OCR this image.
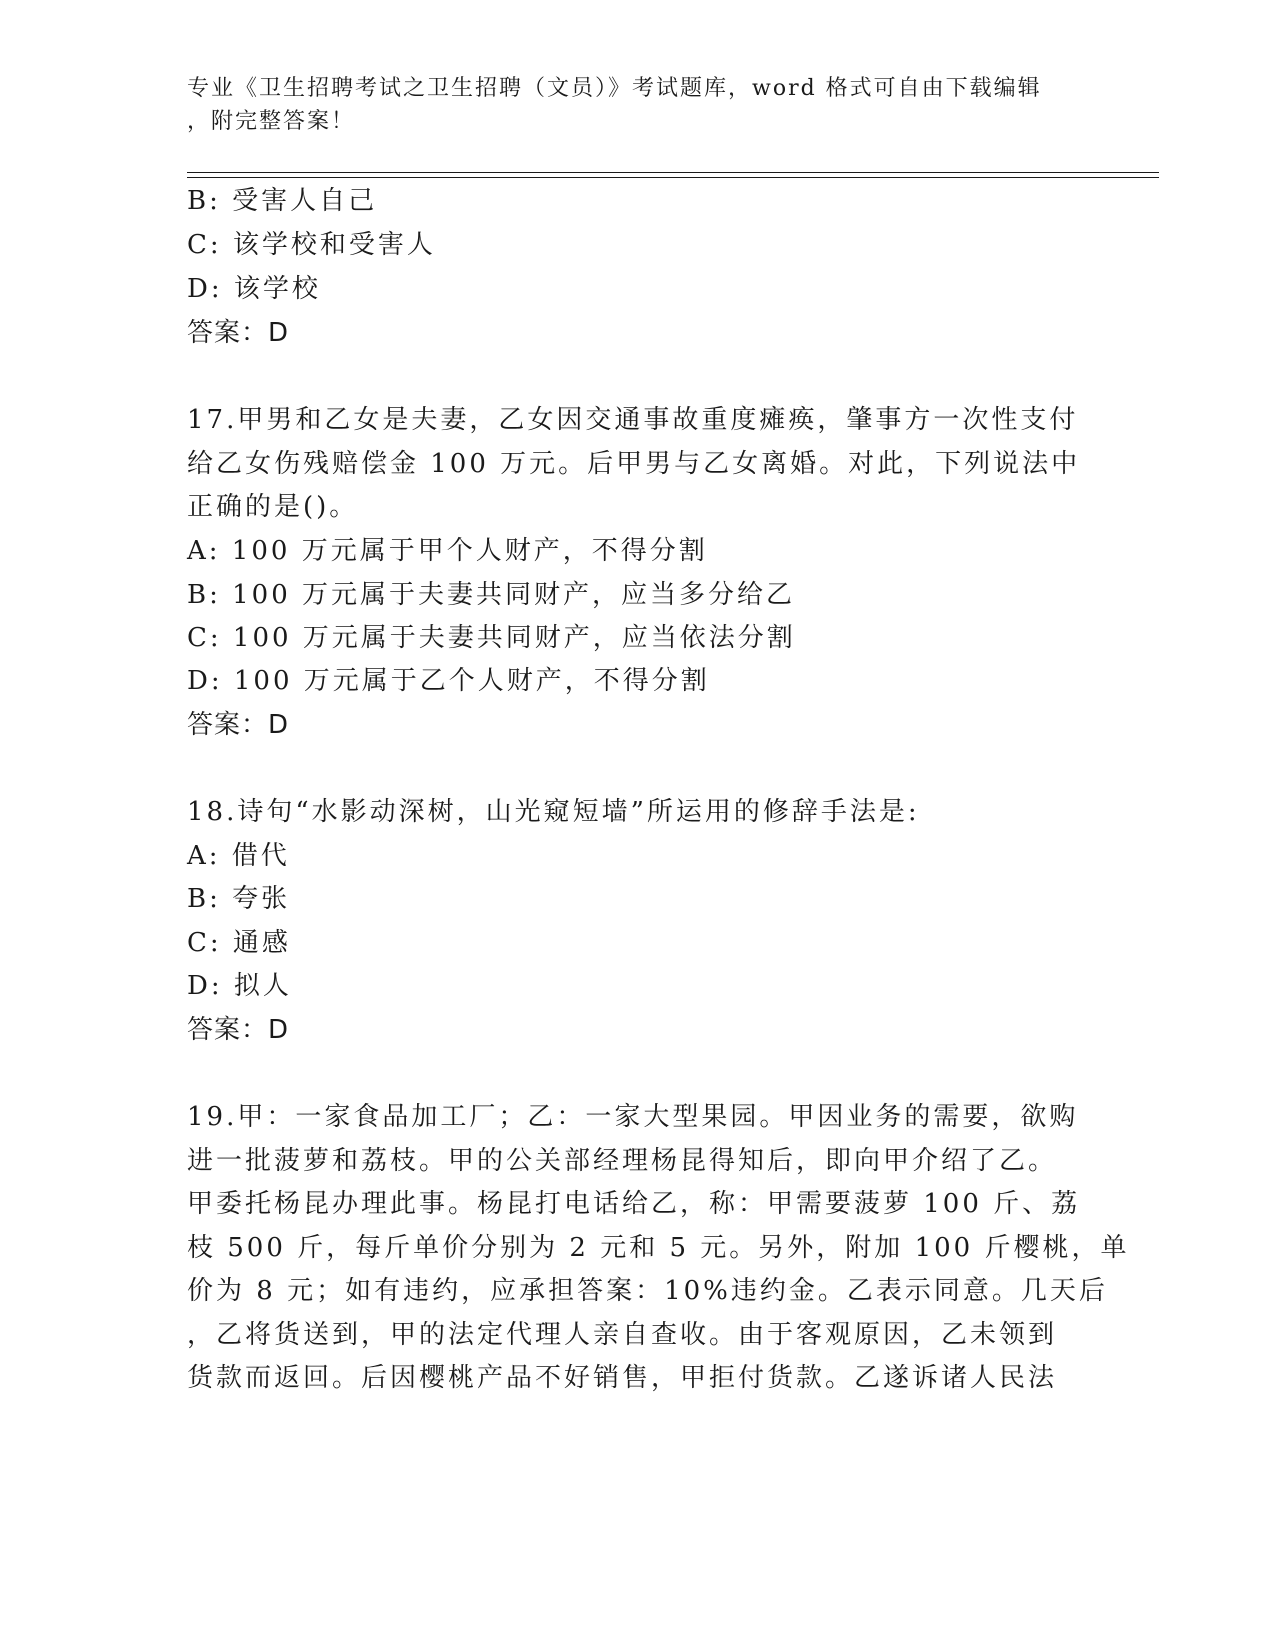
专业《卫生招聘考试之卫生招聘（文员）》考试题库，word 格式可自由下载编辑
，附完整答案！
B: 受害人自己
C: 该学校和受害人
D: 该学校
答案：D
17.甲男和乙女是夫妻，乙女因交通事故重度瘫痪，肇事方一次性支付
给乙女伤残赔偿金 100 万元。后甲男与乙女离婚。对此，下列说法中
正确的是()。
A: 100 万元属于甲个人财产，不得分割
B: 100 万元属于夫妻共同财产，应当多分给乙
C: 100 万元属于夫妻共同财产，应当依法分割
D: 100 万元属于乙个人财产，不得分割
答案：D
18.诗句“水影动深树，山光窥短墙”所运用的修辞手法是:
A: 借代
B: 夸张
C: 通感
D: 拟人
答案：D
19.甲：一家食品加工厂；乙：一家大型果园。甲因业务的需要，欲购
进一批菠萝和荔枝。甲的公关部经理杨昆得知后，即向甲介绍了乙。
甲委托杨昆办理此事。杨昆打电话给乙，称：甲需要菠萝 100 斤、荔
枝 500 斤，每斤单价分别为 2 元和 5 元。另外，附加 100 斤樱桃，单
价为 8 元；如有违约，应承担答案：10%违约金。乙表示同意。几天后
，乙将货送到，甲的法定代理人亲自查收。由于客观原因，乙未领到
货款而返回。后因樱桃产品不好销售，甲拒付货款。乙遂诉诸人民法
